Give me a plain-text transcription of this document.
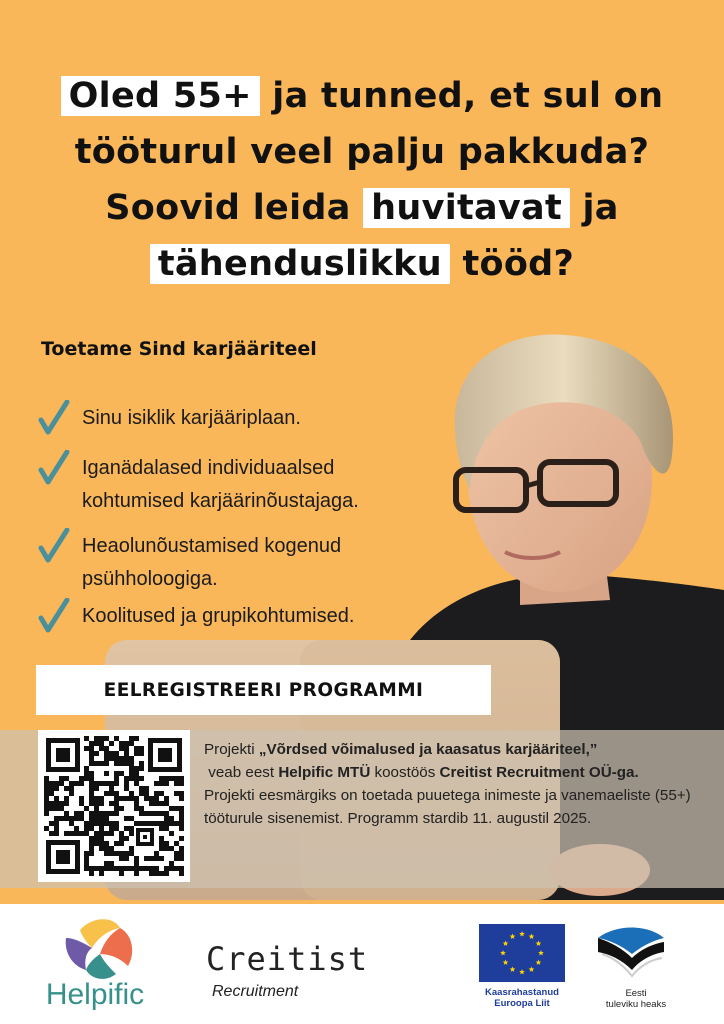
Oled 55+ ja tunned, et sul on
tööturul veel palju pakkuda?
Soovid leida huvitavat ja
tähenduslikku tööd?
Toetame Sind karjääriteel
Sinu isiklik karjääriplaan.
Iganädalased individuaalsed
kohtumised karjäärinõustajaga.
Heaolunõustamised kogenud
psühholoogiga.
Koolitused ja grupikohtumised.
EELREGISTREERI PROGRAMMI
Projekti „Võrdsed võimalused ja kaasatus karjääriteel,”
veab eest Helpific MTÜ koostöös Creitist Recruitment OÜ-ga.
Projekti eesmärgiks on toetada puuetega inimeste ja vanemaeliste (55+) tööturule sisenemist. Programm stardib 11. augustil 2025.
Helpific
Creitist
Recruitment	Kaasrahastanud
Euroopa Liit
Eesti
tuleviku heaks
